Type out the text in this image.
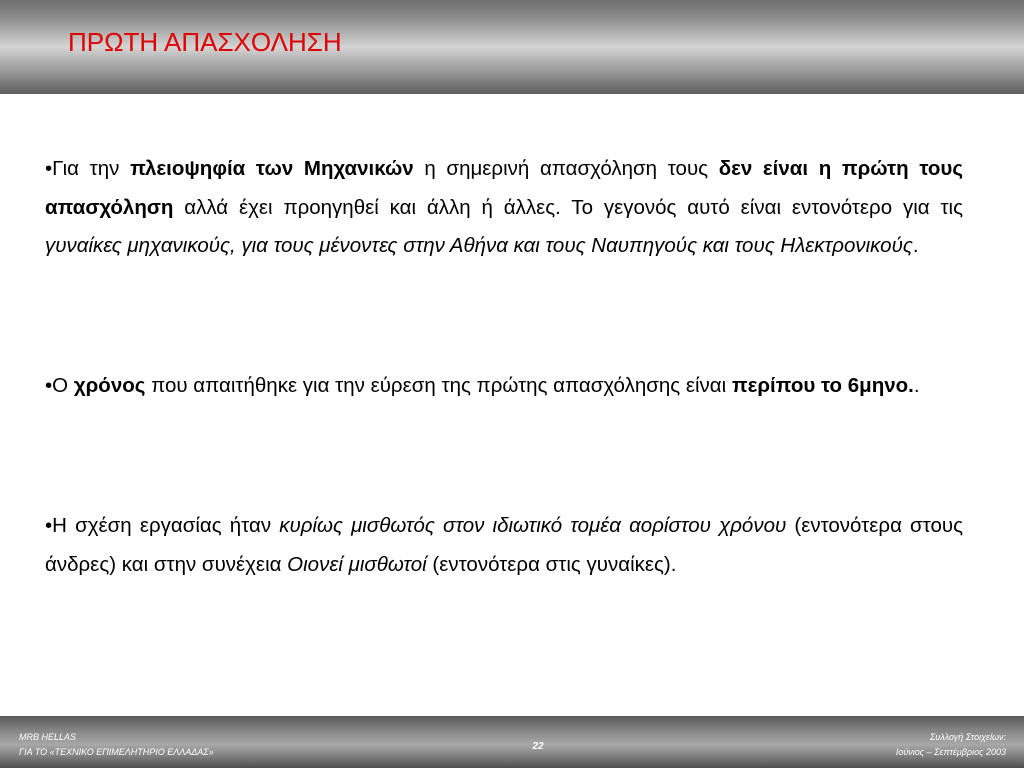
ΠΡΩΤΗ ΑΠΑΣΧΟΛΗΣΗ

•Για την πλειοψηφία των Μηχανικών η σημερινή απασχόληση τους δεν είναι η πρώτη τους απασχόληση αλλά έχει προηγηθεί και άλλη ή άλλες. Το γεγονός αυτό είναι εντονότερο για τις γυναίκες μηχανικούς, για τους μένοντες στην Αθήνα και τους Ναυπηγούς και τους Ηλεκτρονικούς.

•Ο χρόνος που απαιτήθηκε για την εύρεση της πρώτης απασχόλησης είναι περίπου το 6μηνο..

•Η σχέση εργασίας ήταν κυρίως μισθωτός στον ιδιωτικό τομέα αορίστου χρόνου (εντονότερα στους άνδρες) και στην συνέχεια Οιονεί μισθωτοί (εντονότερα στις γυναίκες).

MRB HELLAS
ΓΙΑ ΤΟ «ΤΕΧΝΙΚΟ ΕΠΙΜΕΛΗΤΗΡΙΟ ΕΛΛΑΔΑΣ»	22
Συλλογή Στοιχείων:
Ιούνιος – Σεπτέμβριος 2003
